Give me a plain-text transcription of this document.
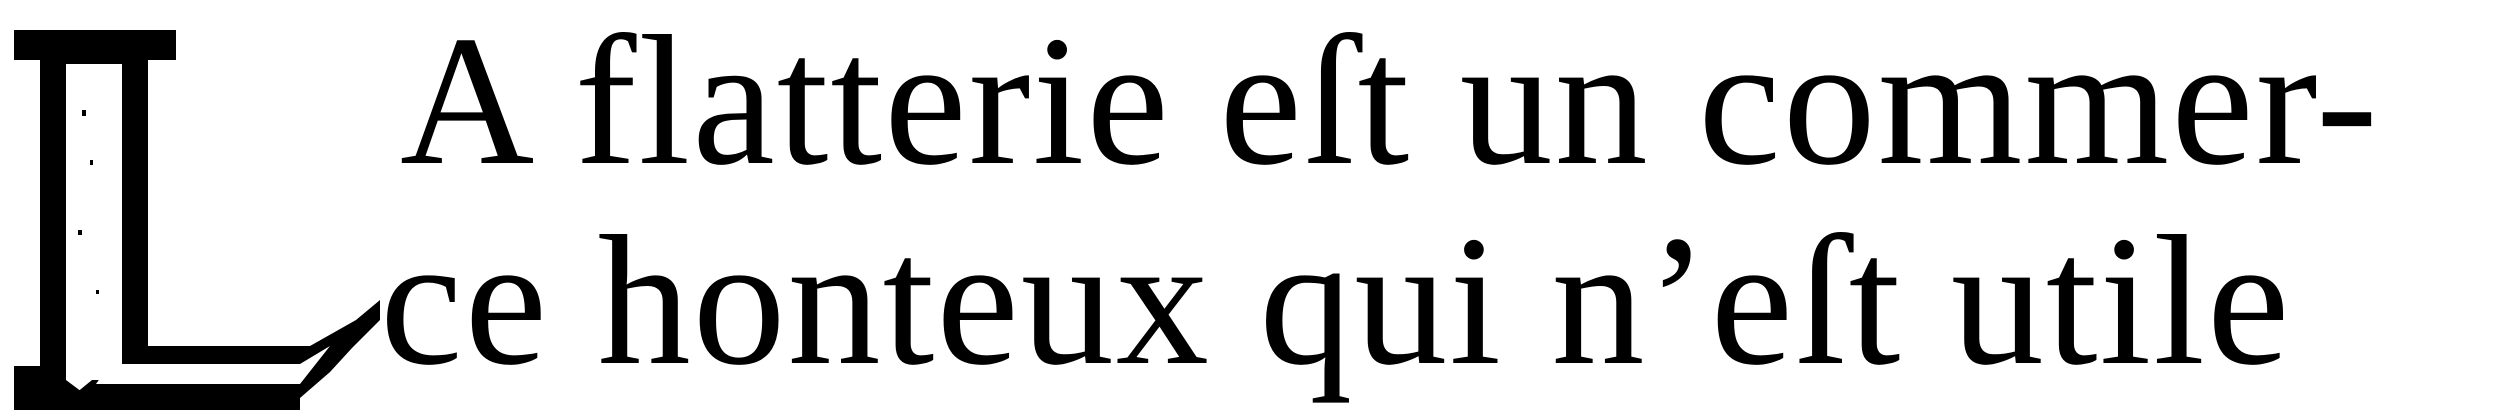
A flatterie eſt un commer-
ce honteux qui n’eſt utile
